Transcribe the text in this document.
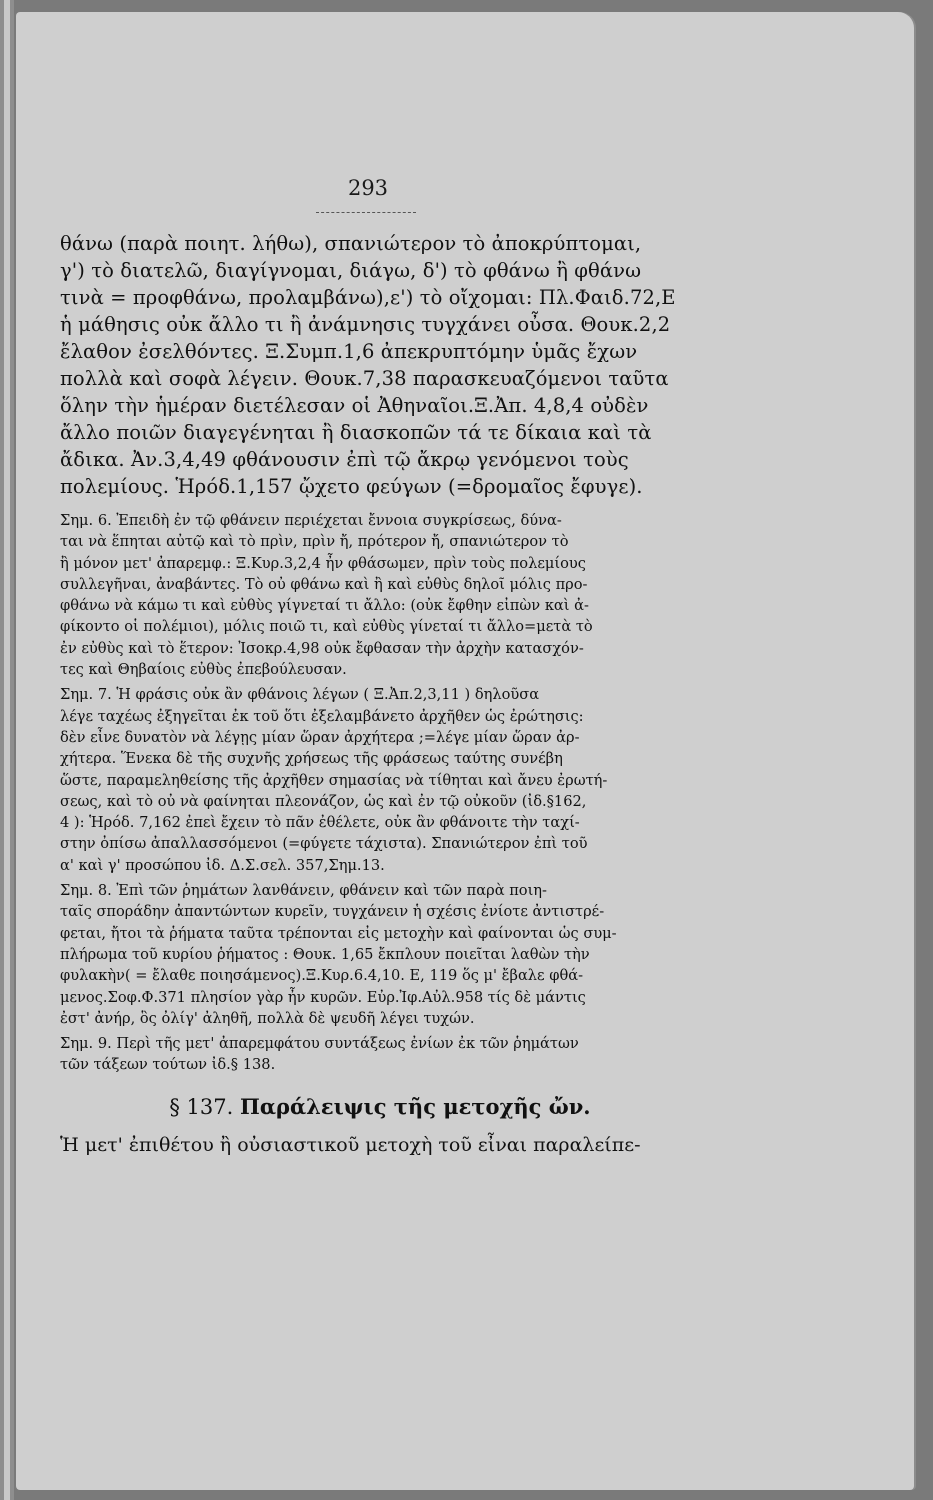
293
θάνω (παρὰ ποιητ. λήθω), σπανιώτερον τὸ ἀποκρύπτομαι,
γ') τὸ διατελῶ, διαγίγνομαι, διάγω, δ') τὸ φθάνω ἢ φθάνω
τινὰ = προφθάνω, προλαμβάνω),ε') τὸ οἴχομαι: Πλ.Φαιδ.72,Ε
ἡ μάθησις οὐκ ἄλλο τι ἢ ἀνάμνησις τυγχάνει οὖσα. Θουκ.2,2
ἔλαθον ἐσελθόντες. Ξ.Συμπ.1,6 ἀπεκρυπτόμην ὑμᾶς ἔχων
πολλὰ καὶ σοφὰ λέγειν. Θουκ.7,38 παρασκευαζόμενοι ταῦτα
ὅλην τὴν ἡμέραν διετέλεσαν οἱ Ἀθηναῖοι.Ξ.Ἀπ. 4,8,4 οὐδὲν
ἄλλο ποιῶν διαγεγένηται ἢ διασκοπῶν τά τε δίκαια καὶ τὰ
ἄδικα. Ἀν.3,4,49 φθάνουσιν ἐπὶ τῷ ἄκρῳ γενόμενοι τοὺς
πολεμίους. Ἡρόδ.1,157 ᾤχετο φεύγων (=δρομαῖος ἔφυγε).
Σημ. 6. Ἐπειδὴ ἐν τῷ φθάνειν περιέχεται ἔννοια συγκρίσεως, δύνα-
ται νὰ ἕπηται αὐτῷ καὶ τὸ πρὶν, πρὶν ἤ, πρότερον ἤ, σπανιώτερον τὸ
ἢ μόνον μετ' ἀπαρεμφ.: Ξ.Κυρ.3,2,4 ἦν φθάσωμεν, πρὶν τοὺς πολεμίους
συλλεγῆναι, ἀναβάντες. Τὸ οὐ φθάνω καὶ ἢ καὶ εὐθὺς δηλοῖ μόλις προ-
φθάνω νὰ κάμω τι καὶ εὐθὺς γίγνεταί τι ἄλλο: (οὐκ ἔφθην εἰπὼν καὶ ἀ-
φίκοντο οἱ πολέμιοι), μόλις ποιῶ τι, καὶ εὐθὺς γίνεταί τι ἄλλο=μετὰ τὸ
ἐν εὐθὺς καὶ τὸ ἕτερον: Ἰσοκρ.4,98 οὐκ ἔφθασαν τὴν ἀρχὴν κατασχόν-
τες καὶ Θηβαίοις εὐθὺς ἐπεβούλευσαν.
Σημ. 7. Ἡ φράσις οὐκ ἂν φθάνοις λέγων ( Ξ.Ἀπ.2,3,11 ) δηλοῦσα
λέγε ταχέως ἐξηγεῖται ἐκ τοῦ ὅτι ἐξελαμβάνετο ἀρχῆθεν ὡς ἐρώτησις:
δὲν εἶνε δυνατὸν νὰ λέγῃς μίαν ὥραν ἀρχήτερα ;=λέγε μίαν ὥραν ἀρ-
χήτερα. Ἕνεκα δὲ τῆς συχνῆς χρήσεως τῆς φράσεως ταύτης συνέβη
ὥστε, παραμεληθείσης τῆς ἀρχῆθεν σημασίας νὰ τίθηται καὶ ἄνευ ἐρωτή-
σεως, καὶ τὸ οὐ νὰ φαίνηται πλεονάζον, ὡς καὶ ἐν τῷ οὐκοῦν (ἰδ.§162,
4 ): Ἡρόδ. 7,162 ἐπεὶ ἔχειν τὸ πᾶν ἐθέλετε, οὐκ ἂν φθάνοιτε τὴν ταχί-
στην ὀπίσω ἀπαλλασσόμενοι (=φύγετε τάχιστα). Σπανιώτερον ἐπὶ τοῦ
α' καὶ γ' προσώπου ἰδ. Δ.Σ.σελ. 357,Σημ.13.
Σημ. 8. Ἐπὶ τῶν ῥημάτων λανθάνειν, φθάνειν καὶ τῶν παρὰ ποιη-
ταῖς σποράδην ἀπαντώντων κυρεῖν, τυγχάνειν ἡ σχέσις ἐνίοτε ἀντιστρέ-
φεται, ἤτοι τὰ ῥήματα ταῦτα τρέπονται εἰς μετοχὴν καὶ φαίνονται ὡς συμ-
πλήρωμα τοῦ κυρίου ῥήματος : Θουκ. 1,65 ἔκπλουν ποιεῖται λαθὼν τὴν
φυλακὴν( = ἔλαθε ποιησάμενος).Ξ.Κυρ.6.4,10. Ε, 119 ὅς μ' ἔβαλε φθά-
μενος.Σοφ.Φ.371 πλησίον γὰρ ἦν κυρῶν. Εὐρ.Ἰφ.Αὐλ.958 τίς δὲ μάντις
ἐστ' ἀνήρ, ὃς ὀλίγ' ἀληθῆ, πολλὰ δὲ ψευδῆ λέγει τυχών.
Σημ. 9. Περὶ τῆς μετ' ἀπαρεμφάτου συντάξεως ἐνίων ἐκ τῶν ῥημάτων
τῶν τάξεων τούτων ἰδ.§ 138.
§ 137. Παράλειψις τῆς μετοχῆς ὤν.
Ἡ μετ' ἐπιθέτου ἢ οὐσιαστικοῦ μετοχὴ τοῦ εἶναι παραλείπε-
